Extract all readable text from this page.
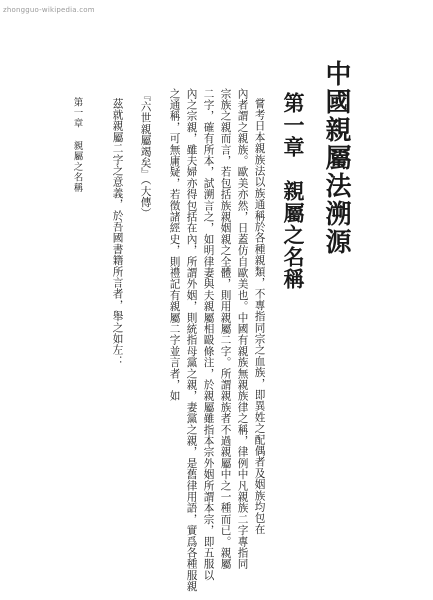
zhongguo-wikipedia.com
中國親屬法溯源
第一章親屬之名稱
嘗考日本親族法以族通稱於各種親類，不專指同宗之血族，即異姓之配偶者及姻族均包在
內者謂之親族。歐美亦然，日蓋仿自歐美也。中國有親族無親族律之稱，律例中凡親族二字專指同
宗族之親而言，若包括族親姻親之全體，則用親屬二字。所謂親族者不過親屬中之一種而已。親屬
二字，確有所本，試溯言之，如明律妻與夫親屬相毆條注，於親屬雖指本宗外姻所謂本宗，即五服以
內之宗親，雖夫婦亦得包括在內，所謂外姻，則統指母黨之親，妻黨之親，是舊律用語，實爲各種服親
之通稱，可無庸疑，若徵諸經史，則禮記有親屬二字並言者，如
『六世親屬竭矣』（大傳）
茲就親屬二字之意義，於吾國書籍所言者，舉之如左：
第一章親屬之名稱
